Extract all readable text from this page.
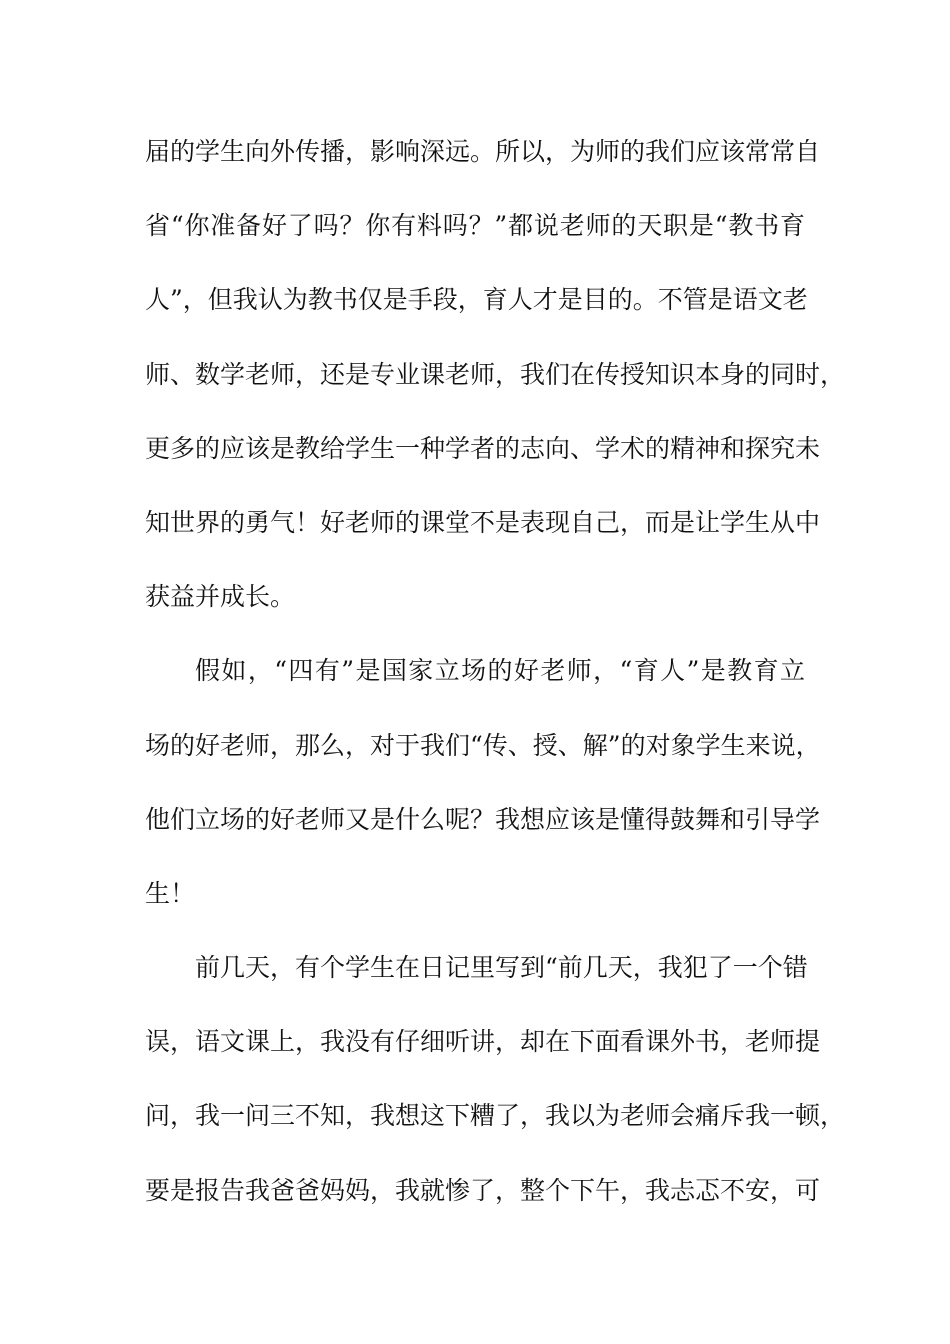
届的学生向外传播，影响深远。所以，为师的我们应该常常自
省“你准备好了吗？你有料吗？”都说老师的天职是“教书育
人”，但我认为教书仅是手段，育人才是目的。不管是语文老
师、数学老师，还是专业课老师，我们在传授知识本身的同时，
更多的应该是教给学生一种学者的志向、学术的精神和探究未
知世界的勇气！好老师的课堂不是表现自己，而是让学生从中
获益并成长。
假如，“四有”是国家立场的好老师，“育人”是教育立
场的好老师，那么，对于我们“传、授、解”的对象学生来说，
他们立场的好老师又是什么呢？我想应该是懂得鼓舞和引导学
生！
前几天，有个学生在日记里写到“前几天，我犯了一个错
误，语文课上，我没有仔细听讲，却在下面看课外书，老师提
问，我一问三不知，我想这下糟了，我以为老师会痛斥我一顿，
要是报告我爸爸妈妈，我就惨了，整个下午，我忐忑不安，可
